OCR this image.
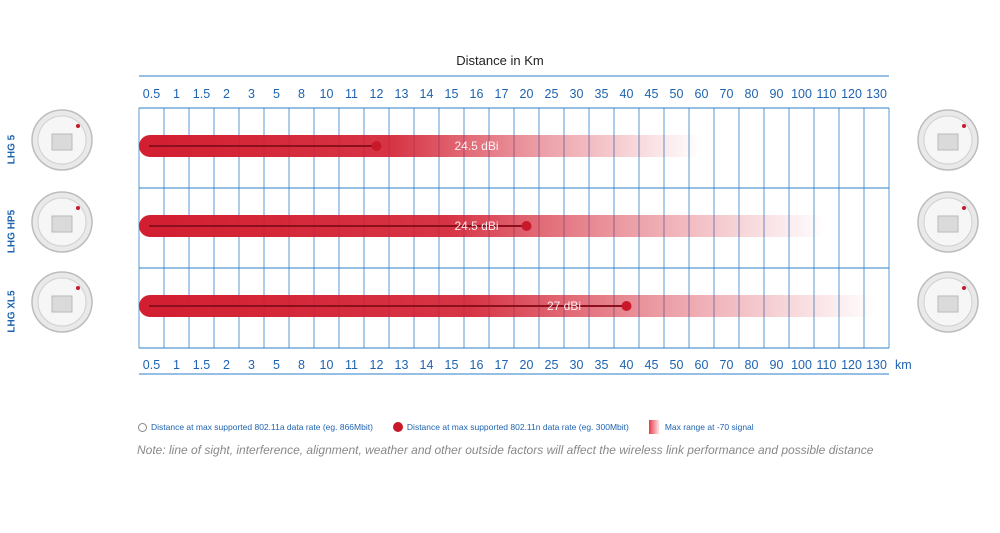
Distance in Km
0.5
0.5
1
1
1.5
1.5
2
2
3
3
5
5
8
8
10
10
11
11
12
12
13
13
14
14
15
15
16
16
17
17
20
20
25
25
30
30
35
35
40
40
45
45
50
50
60
60
70
70
80
80
90
90
100
100
110
110
120
120
130
130 km
24.5 dBi
24.5 dBi
27 dBi
LHG 5
LHG HP5
LHG XL5
Distance at max supported 802.11a data rate (eg. 866Mbit)	Distance at max supported 802.11n data rate (eg. 300Mbit)	Max range at -70 signal
Note: line of sight, interference, alignment, weather and other outside factors will affect the wireless link performance and possible distance
